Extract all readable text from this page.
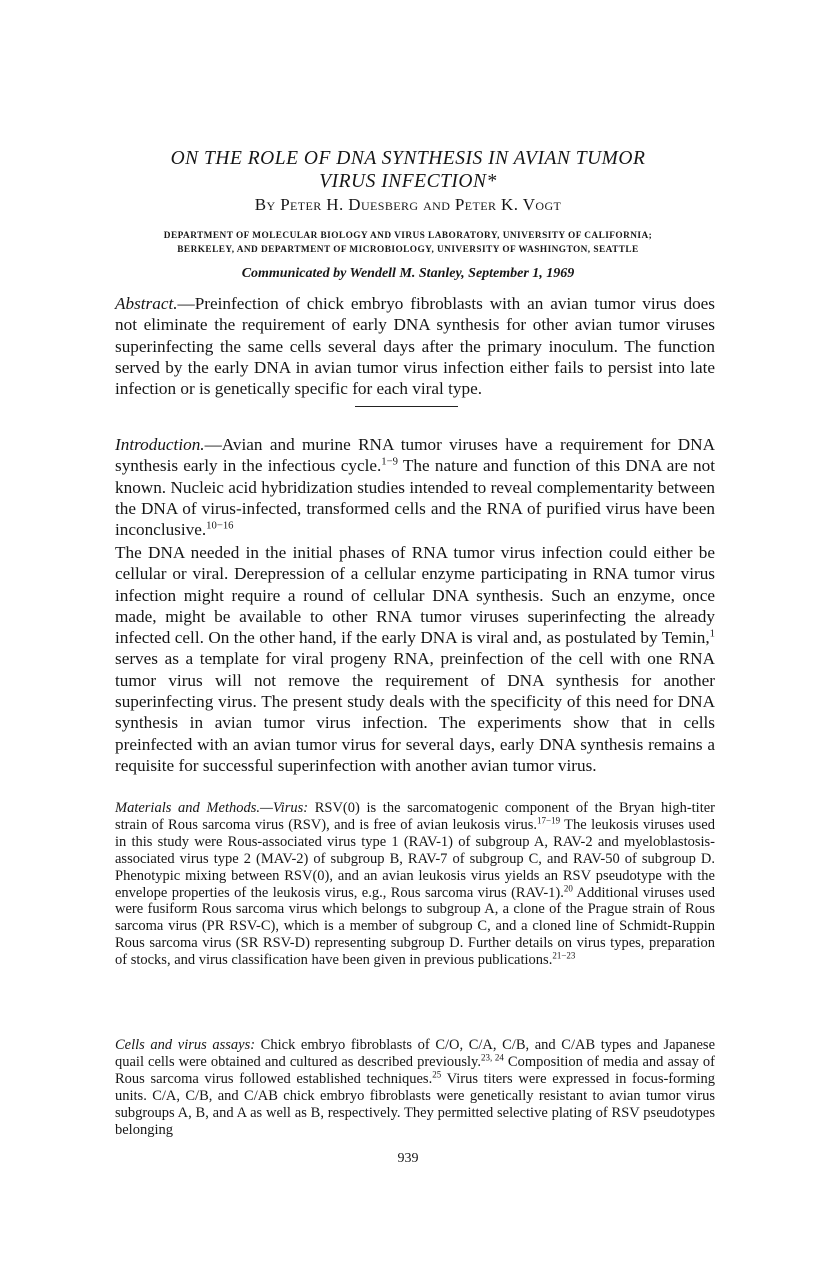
ON THE ROLE OF DNA SYNTHESIS IN AVIAN TUMOR
VIRUS INFECTION*
By Peter H. Duesberg and Peter K. Vogt
DEPARTMENT OF MOLECULAR BIOLOGY AND VIRUS LABORATORY, UNIVERSITY OF CALIFORNIA;
BERKELEY, AND DEPARTMENT OF MICROBIOLOGY, UNIVERSITY OF WASHINGTON, SEATTLE
Communicated by Wendell M. Stanley, September 1, 1969
Abstract.—Preinfection of chick embryo fibroblasts with an avian tumor virus does not eliminate the requirement of early DNA synthesis for other avian tumor viruses superinfecting the same cells several days after the primary inoculum. The function served by the early DNA in avian tumor virus infection either fails to persist into late infection or is genetically specific for each viral type.
Introduction.—Avian and murine RNA tumor viruses have a requirement for DNA synthesis early in the infectious cycle.$^{1-9}$ The nature and function of this DNA are not known. Nucleic acid hybridization studies intended to reveal complementarity between the DNA of virus-infected, transformed cells and the RNA of purified virus have been inconclusive.$^{10-16}$
The DNA needed in the initial phases of RNA tumor virus infection could either be cellular or viral. Derepression of a cellular enzyme participating in RNA tumor virus infection might require a round of cellular DNA synthesis. Such an enzyme, once made, might be available to other RNA tumor viruses superinfecting the already infected cell. On the other hand, if the early DNA is viral and, as postulated by Temin,$^1$ serves as a template for viral progeny RNA, preinfection of the cell with one RNA tumor virus will not remove the requirement of DNA synthesis for another superinfecting virus. The present study deals with the specificity of this need for DNA synthesis in avian tumor virus infection. The experiments show that in cells preinfected with an avian tumor virus for several days, early DNA synthesis remains a requisite for successful superinfection with another avian tumor virus.
Materials and Methods.—Virus: RSV(0) is the sarcomatogenic component of the Bryan high-titer strain of Rous sarcoma virus (RSV), and is free of avian leukosis virus.$^{17-19}$ The leukosis viruses used in this study were Rous-associated virus type 1 (RAV-1) of subgroup A, RAV-2 and myeloblastosis-associated virus type 2 (MAV-2) of subgroup B, RAV-7 of subgroup C, and RAV-50 of subgroup D. Phenotypic mixing between RSV(0), and an avian leukosis virus yields an RSV pseudotype with the envelope properties of the leukosis virus, e.g., Rous sarcoma virus (RAV-1).$^{20}$ Additional viruses used were fusiform Rous sarcoma virus which belongs to subgroup A, a clone of the Prague strain of Rous sarcoma virus (PR RSV-C), which is a member of subgroup C, and a cloned line of Schmidt-Ruppin Rous sarcoma virus (SR RSV-D) representing subgroup D. Further details on virus types, preparation of stocks, and virus classification have been given in previous publications.$^{21-23}$
Cells and virus assays: Chick embryo fibroblasts of C/O, C/A, C/B, and C/AB types and Japanese quail cells were obtained and cultured as described previously.$^{23, 24}$ Composition of media and assay of Rous sarcoma virus followed established techniques.$^{25}$ Virus titers were expressed in focus-forming units. C/A, C/B, and C/AB chick embryo fibroblasts were genetically resistant to avian tumor virus subgroups A, B, and A as well as B, respectively. They permitted selective plating of RSV pseudotypes belonging
939
